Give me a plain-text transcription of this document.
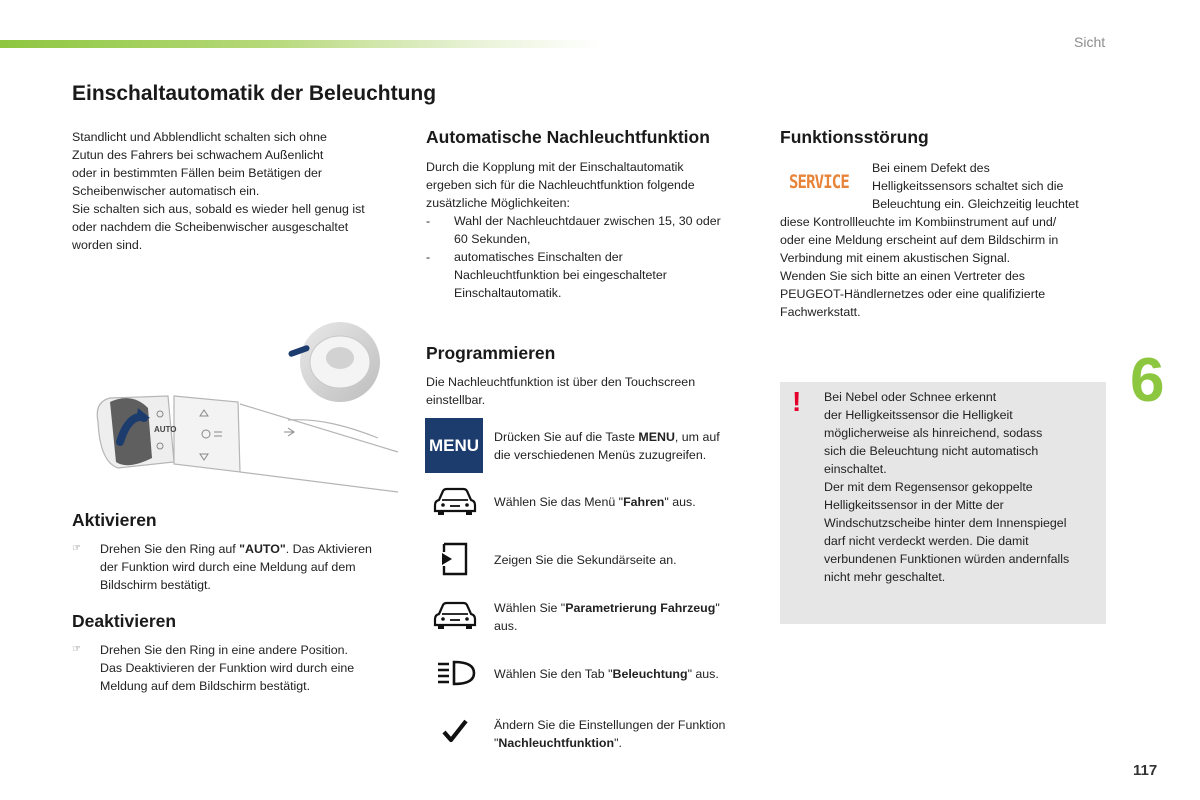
Sicht
Einschaltautomatik der Beleuchtung

Standlicht und Abblendlicht schalten sich ohne

Zutun des Fahrers bei schwachem Außenlicht

oder in bestimmten Fällen beim Betätigen der

Scheibenwischer automatisch ein.

Sie schalten sich aus, sobald es wieder hell genug ist

oder nachdem die Scheibenwischer ausgeschaltet

worden sind.

AUTO
Aktivieren
☞	Drehen Sie den Ring auf "AUTO". Das Aktivieren
der Funktion wird durch eine Meldung auf dem
Bildschirm bestätigt.
Deaktivieren
☞	Drehen Sie den Ring in eine andere Position.
Das Deaktivieren der Funktion wird durch eine
Meldung auf dem Bildschirm bestätigt.
Automatische Nachleuchtfunktion

Durch die Kopplung mit der Einschaltautomatik

ergeben sich für die Nachleuchtfunktion folgende

zusätzliche Möglichkeiten:

-	Wahl der Nachleuchtdauer zwischen 15, 30 oder
60 Sekunden,
-	automatisches Einschalten der
Nachleuchtfunktion bei eingeschalteter
Einschaltautomatik.
Programmieren

Die Nachleuchtfunktion ist über den Touchscreen

einstellbar.

MENU	Drücken Sie auf die Taste MENU, um auf
die verschiedenen Menüs zuzugreifen.
Wählen Sie das Menü "Fahren" aus.
Zeigen Sie die Sekundärseite an.
Wählen Sie "Parametrierung Fahrzeug"
aus.
Wählen Sie den Tab "Beleuchtung" aus.
Ändern Sie die Einstellungen der Funktion
"Nachleuchtfunktion".
Funktionsstörung
SERVICE

Bei einem Defekt des

Helligkeitssensors schaltet sich die

Beleuchtung ein. Gleichzeitig leuchtet

diese Kontrollleuchte im Kombiinstrument auf und/

oder eine Meldung erscheint auf dem Bildschirm in

Verbindung mit einem akustischen Signal.

Wenden Sie sich bitte an einen Vertreter des

PEUGEOT-Händlernetzes oder eine qualifizierte

Fachwerkstatt.

! Bei Nebel oder Schnee erkennt

der Helligkeitssensor die Helligkeit

möglicherweise als hinreichend, sodass

sich die Beleuchtung nicht automatisch

einschaltet.

Der mit dem Regensensor gekoppelte

Helligkeitssensor in der Mitte der

Windschutzscheibe hinter dem Innenspiegel

darf nicht verdeckt werden. Die damit

verbundenen Funktionen würden andernfalls

nicht mehr geschaltet.

6
117
